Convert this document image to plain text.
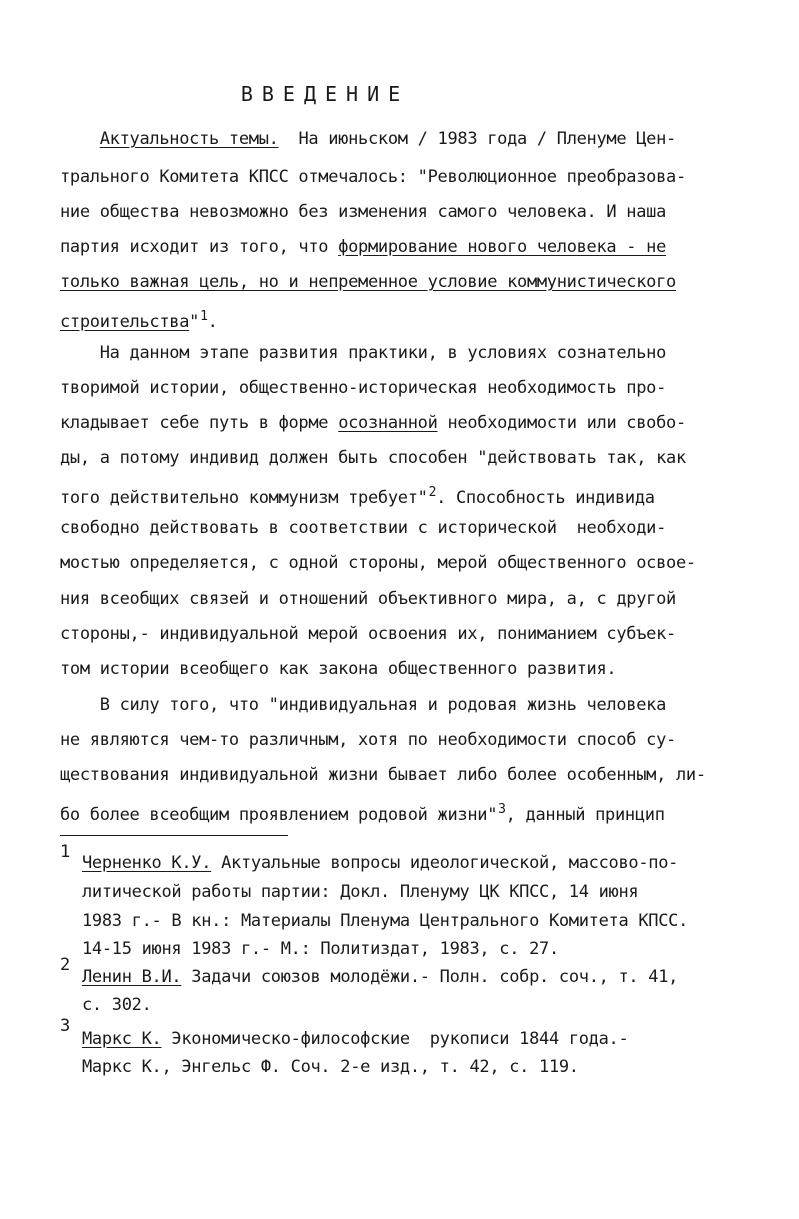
ВВЕДЕНИЕ
Актуальность темы.  На июньском / 1983 года / Пленуме Цен-
трального Комитета КПСС отмечалось: "Революционное преобразова-
ние общества невозможно без изменения самого человека. И наша
партия исходит из того, что формирование нового человека - не
только важная цель, но и непременное условие коммунистического
строительства"$^1$.
На данном этапе развития практики, в условиях сознательно
творимой истории, общественно-историческая необходимость про-
кладывает себе путь в форме осознанной необходимости или свобо-
ды, а потому индивид должен быть способен "действовать так, как
того действительно коммунизм требует"$^2$. Способность индивида
свободно действовать в соответствии с исторической  необходи-
мостью определяется, с одной стороны, мерой общественного освое-
ния всеобщих связей и отношений объективного мира, а, с другой
стороны,- индивидуальной мерой освоения их, пониманием субъек-
том истории всеобщего как закона общественного развития.
В силу того, что "индивидуальная и родовая жизнь человека
не являются чем-то различным, хотя по необходимости способ су-
ществования индивидуальной жизни бывает либо более особенным, ли-
бо более всеобщим проявлением родовой жизни"$^3$, данный принцип
1
Черненко К.У. Актуальные вопросы идеологической, массово-по-
литической работы партии: Докл. Пленуму ЦК КПСС, 14 июня
1983 г.- В кн.: Материалы Пленума Центрального Комитета КПСС.
14-15 июня 1983 г.- М.: Политиздат, 1983, с. 27.
2
Ленин В.И. Задачи союзов молодёжи.- Полн. собр. соч., т. 41,
с. 302.
3
Маркс К. Экономическо-философские  рукописи 1844 года.-
Маркс К., Энгельс Ф. Соч. 2-е изд., т. 42, с. 119.
